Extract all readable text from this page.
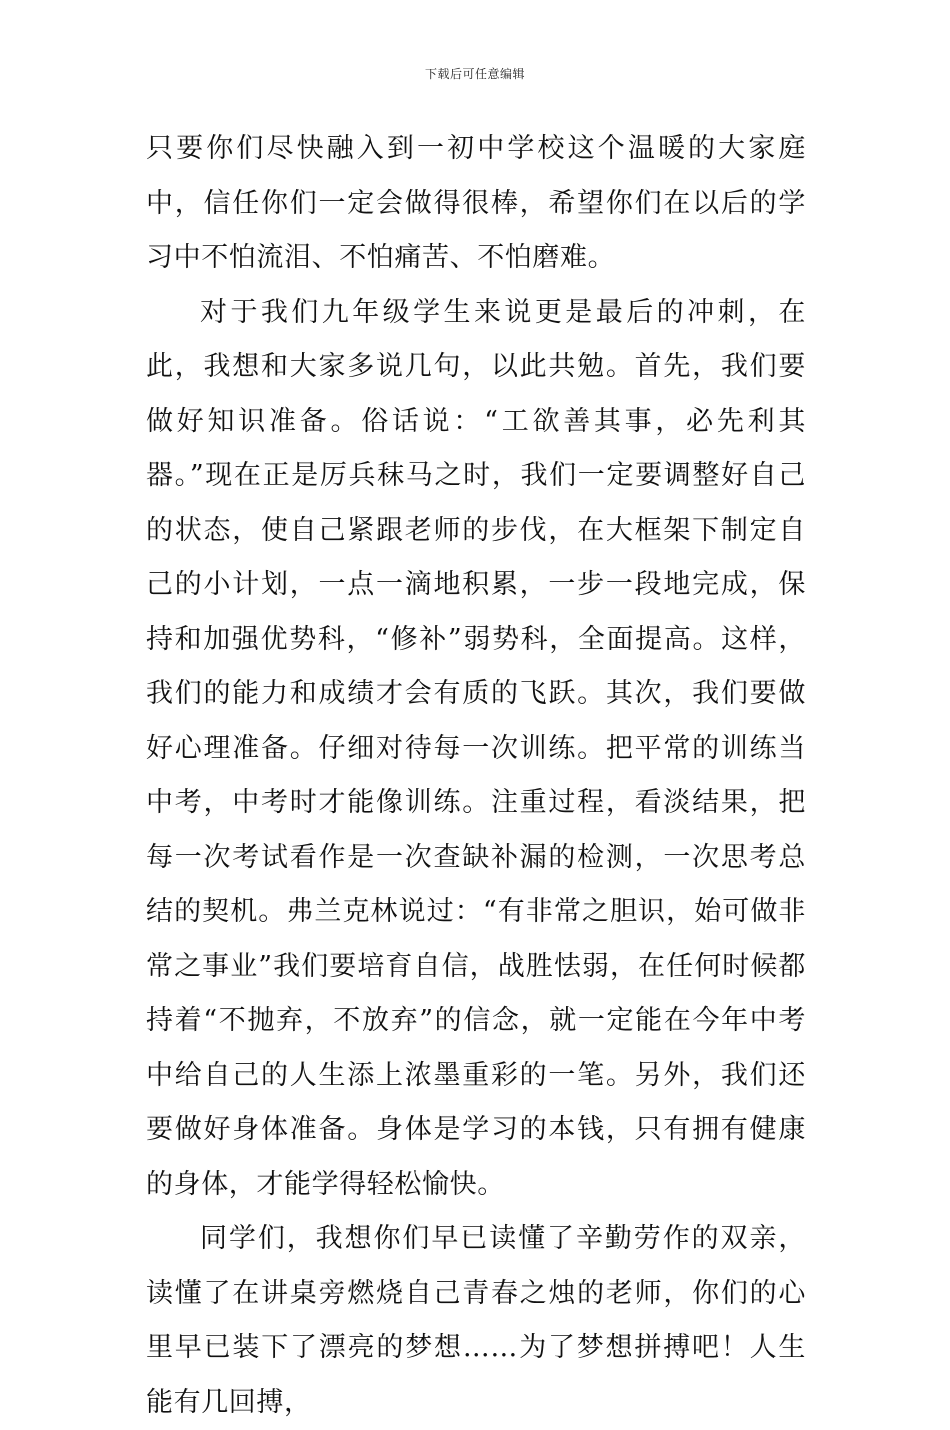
下载后可任意编辑

只要你们尽快融入到一初中学校这个温暖的大家庭中，信任你们一定会做得很棒，希望你们在以后的学习中不怕流泪、不怕痛苦、不怕磨难。

对于我们九年级学生来说更是最后的冲刺，在此，我想和大家多说几句，以此共勉。首先，我们要做好知识准备。俗话说：“工欲善其事，必先利其器。”现在正是厉兵秣马之时，我们一定要调整好自己的状态，使自己紧跟老师的步伐，在大框架下制定自己的小计划，一点一滴地积累，一步一段地完成，保持和加强优势科，“修补”弱势科，全面提高。这样，我们的能力和成绩才会有质的飞跃。其次，我们要做好心理准备。仔细对待每一次训练。把平常的训练当中考，中考时才能像训练。注重过程，看淡结果，把每一次考试看作是一次查缺补漏的检测，一次思考总结的契机。弗兰克林说过：“有非常之胆识，始可做非常之事业”我们要培育自信，战胜怯弱，在任何时候都持着“不抛弃，不放弃”的信念，就一定能在今年中考中给自己的人生添上浓墨重彩的一笔。另外，我们还要做好身体准备。身体是学习的本钱，只有拥有健康的身体，才能学得轻松愉快。

同学们，我想你们早已读懂了辛勤劳作的双亲，读懂了在讲桌旁燃烧自己青春之烛的老师，你们的心里早已装下了漂亮的梦想……为了梦想拼搏吧！人生能有几回搏，
